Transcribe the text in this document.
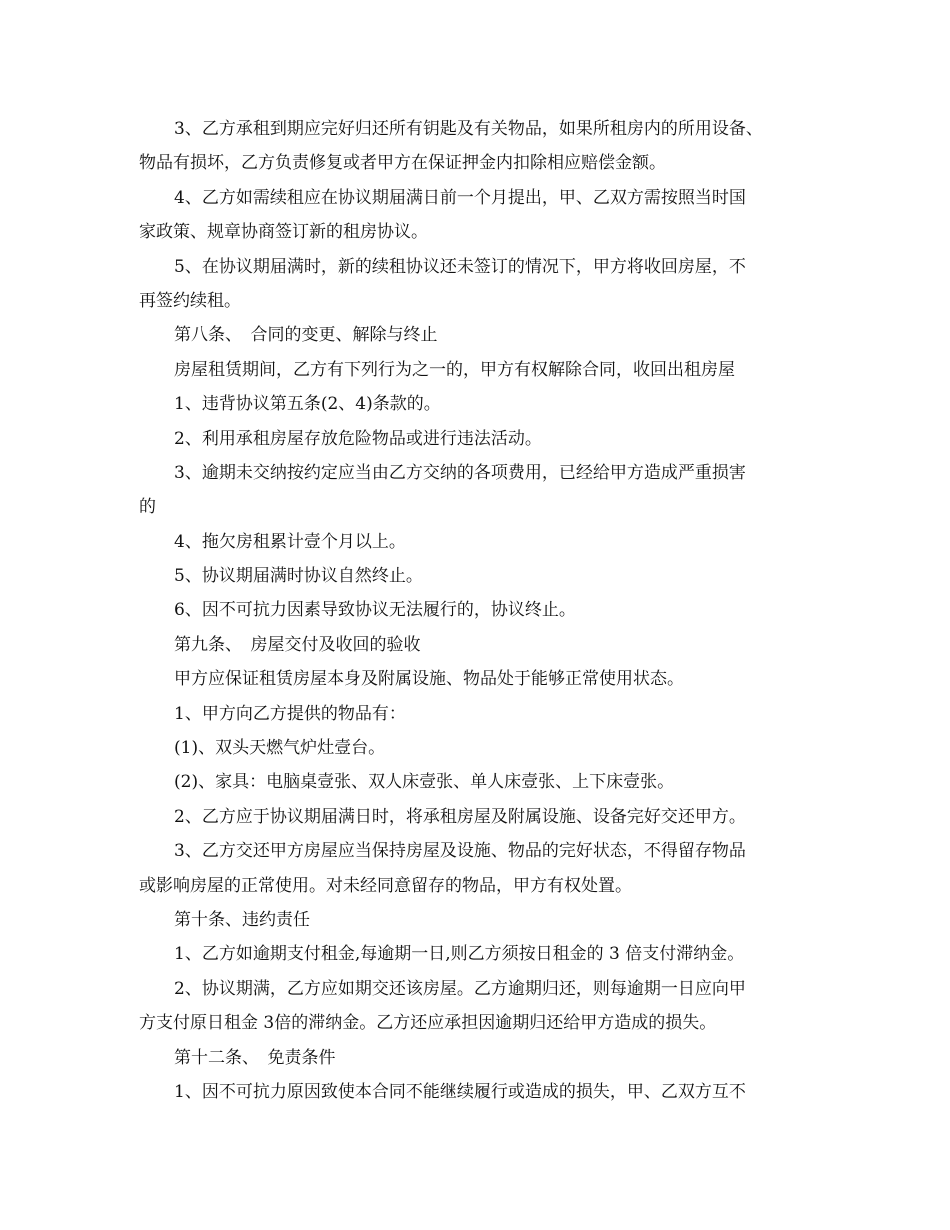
3、乙方承租到期应完好归还所有钥匙及有关物品，如果所租房内的所用设备、
物品有损坏，乙方负责修复或者甲方在保证押金内扣除相应赔偿金额。
4、乙方如需续租应在协议期届满日前一个月提出，甲、乙双方需按照当时国
家政策、规章协商签订新的租房协议。
5、在协议期届满时，新的续租协议还未签订的情况下，甲方将收回房屋，不
再签约续租。
第八条、　合同的变更、解除与终止
房屋租赁期间，乙方有下列行为之一的，甲方有权解除合同，收回出租房屋
1、违背协议第五条(2、4)条款的。
2、利用承租房屋存放危险物品或进行违法活动。
3、逾期未交纳按约定应当由乙方交纳的各项费用，已经给甲方造成严重损害
的
4、拖欠房租累计壹个月以上。
5、协议期届满时协议自然终止。
6、因不可抗力因素导致协议无法履行的，协议终止。
第九条、　房屋交付及收回的验收
甲方应保证租赁房屋本身及附属设施、物品处于能够正常使用状态。
1、甲方向乙方提供的物品有：
(1)、双头天燃气炉灶壹台。
(2)、家具：电脑桌壹张、双人床壹张、单人床壹张、上下床壹张。
2、乙方应于协议期届满日时，将承租房屋及附属设施、设备完好交还甲方。
3、乙方交还甲方房屋应当保持房屋及设施、物品的完好状态，不得留存物品
或影响房屋的正常使用。对未经同意留存的物品，甲方有权处置。
第十条、违约责任
1、乙方如逾期支付租金,每逾期一日,则乙方须按日租金的 3 倍支付滞纳金。
2、协议期满，乙方应如期交还该房屋。乙方逾期归还，则每逾期一日应向甲
方支付原日租金 3倍的滞纳金。乙方还应承担因逾期归还给甲方造成的损失。
第十二条、　免责条件
1、因不可抗力原因致使本合同不能继续履行或造成的损失，甲、乙双方互不
